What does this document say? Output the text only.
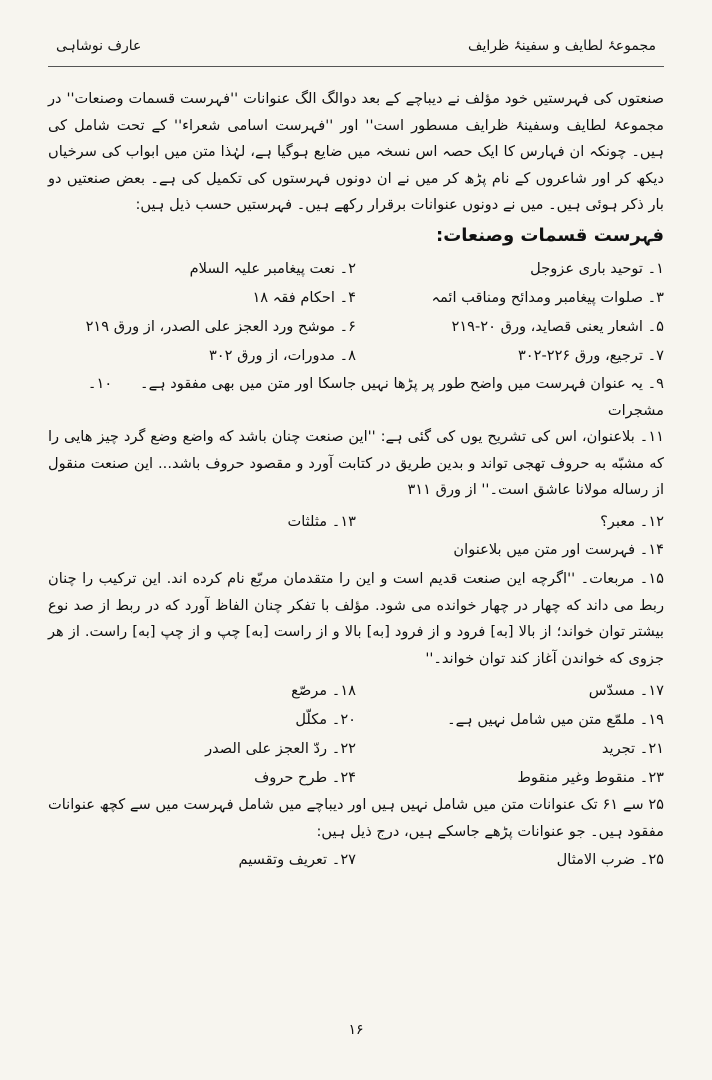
مجموعۂ لطایف و سفینۂ ظرایف
عارف نوشاہی

صنعتوں کی فہرستیں خود مؤلف نے دیباچے کے بعد دوالگ الگ عنوانات ''فہرست قسمات وصنعات'' در مجموعۂ لطایف وسفینۂ ظرایف مسطور است'' اور ''فہرست اسامی شعراء'' کے تحت شامل کی ہیں۔ چونکہ ان فہارس کا ایک حصہ اس نسخہ میں ضایع ہوگیا ہے، لہٰذا متن میں ابواب کی سرخیاں دیکھ کر اور شاعروں کے نام پڑھ کر میں نے ان دونوں فہرستوں کی تکمیل کی ہے۔ بعض صنعتیں دو بار ذکر ہوئی ہیں۔ میں نے دونوں عنوانات برقرار رکھے ہیں۔ فہرستیں حسب ذیل ہیں:

فہرست قسمات وصنعات:

۱۔ توحید باری عزوجل
۲۔ نعت پیغامبر علیہ السلام
۳۔ صلوات پیغامبر ومدائح ومناقب ائمہ
۴۔ احکام فقہ ۱۸
۵۔ اشعار یعنی قصاید، ورق ۲۰-۲۱۹
۶۔ موشح ورد العجز علی الصدر، از ورق ۲۱۹
۷۔ ترجیع، ورق ۲۲۶-۳۰۲
۸۔ مدورات، از ورق ۳۰۲

۹۔ یہ عنوان فہرست میں واضح طور پر پڑھا نہیں جاسکا اور متن میں بھی مفقود ہے۔      ۱۰۔ مشجرات

۱۱۔ بلاعنوان، اس کی تشریح یوں کی گئی ہے: ''این صنعت چنان باشد که واضع وضع گرد چیز هایی را که مشبّه به حروف تهجی تواند و بدین طریق در کتابت آورد و مقصود حروف باشد... این صنعت منقول از رساله مولانا عاشق است۔'' از ورق ۳۱۱

۱۲۔ معبر؟
۱۳۔ مثلثات

۱۴۔ فہرست اور متن میں بلاعنوان

۱۵۔ مربعات۔ ''اگرچه این صنعت قدیم است و این را متقدمان مربّع نام کرده اند. این ترکیب را چنان ربط می داند که چهار در چهار خوانده می شود. مؤلف با تفکر چنان الفاظ آورد که در ربط از صد نوع بیشتر توان خواند؛ از بالا [به] فرود و از فرود [به] بالا و از راست [به] چپ و از چپ [به] راست. از هر جزوی که خواندن آغاز کند توان خواند۔''

۱۷۔ مسدّس
۱۸۔ مرصّع
۱۹۔ ملمّع متن میں شامل نہیں ہے۔
۲۰۔ مکلّل
۲۱۔ تجرید
۲۲۔ ردّ العجز علی الصدر
۲۳۔ منقوط وغیر منقوط
۲۴۔ طرح حروف

۲۵ سے ۶۱ تک عنوانات متن میں شامل نہیں ہیں اور دیباچے میں شامل فہرست میں سے کچھ عنوانات مفقود ہیں۔ جو عنوانات پڑھے جاسکے ہیں، درج ذیل ہیں:

۲۵۔ ضرب الامثال
۲۷۔ تعریف وتقسیم
۱۶
